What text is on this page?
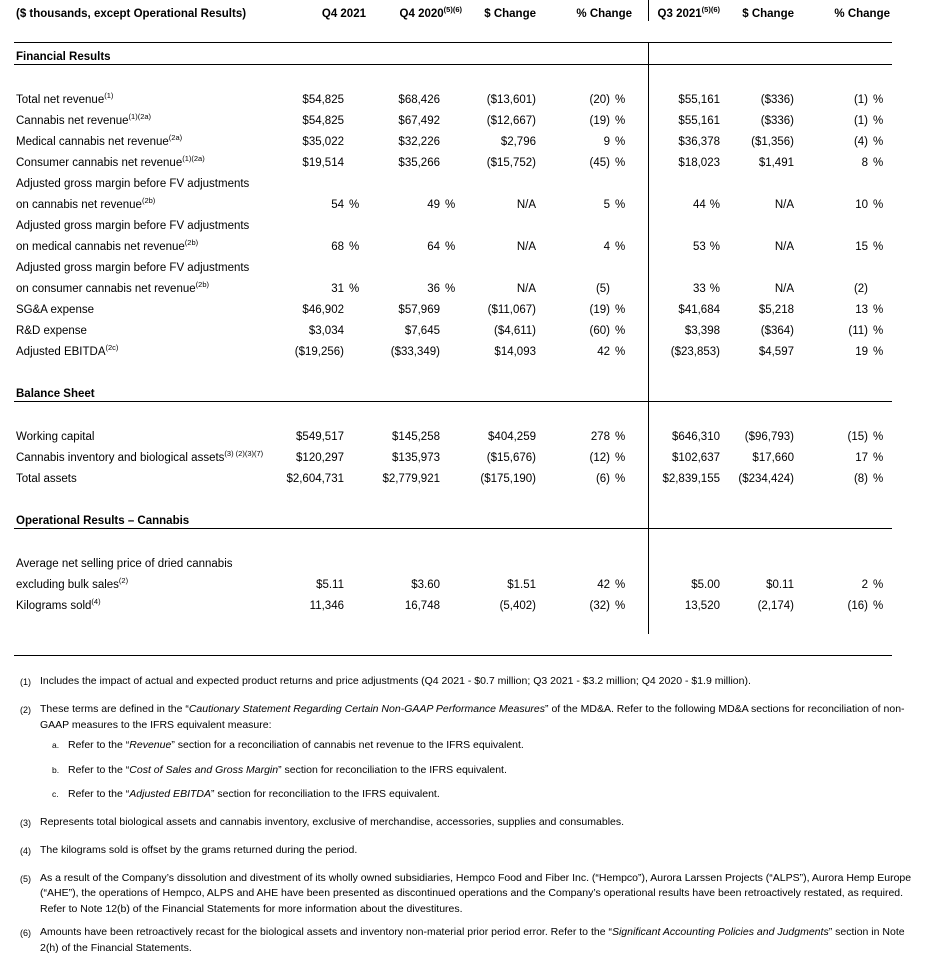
($ thousands, except Operational Results)	Q4 2021		Q4 $2020^{(5)(6)}$		$ Change	% Change			Q3 $2021^{(5)(6)}$	$ Change	% Change	

Financial Results												

Total net revenue$^{(1)}$	$54,825		$68,426		($13,601)	(20)	%		$55,161	($336)	(1)	%
Cannabis net revenue$^{(1)(2a)}$	$54,825		$67,492		($12,667)	(19)	%		$55,161	($336)	(1)	%
Medical cannabis net revenue$^{(2a)}$	$35,022		$32,226		$2,796	9	%		$36,378	($1,356)	(4)	%
Consumer cannabis net revenue$^{(1)(2a)}$	$19,514		$35,266		($15,752)	(45)	%		$18,023	$1,491	8	%
Adjusted gross margin before FV adjustments												
on cannabis net revenue$^{(2b)}$	54	%	49	%	N/A	5	%		44 %	N/A	10	%
Adjusted gross margin before FV adjustments												
on medical cannabis net revenue$^{(2b)}$	68	%	64	%	N/A	4	%		53 %	N/A	15	%
Adjusted gross margin before FV adjustments												
on consumer cannabis net revenue$^{(2b)}$	31	%	36	%	N/A	(5)			33 %	N/A	(2)	
SG&A expense	$46,902		$57,969		($11,067)	(19)	%		$41,684	$5,218	13	%
R&D expense	$3,034		$7,645		($4,611)	(60)	%		$3,398	($364)	(11)	%
Adjusted $EBITDA^{(2c)}$	($19,256)		($33,349)		$14,093	42	%		($23,853)	$4,597	19	%

Balance Sheet												

Working capital	$549,517		$145,258		$404,259	278	%		$646,310	($96,793)	(15)	%
Cannabis inventory and biological assets$^{(3) (2)(3)(7)}$	$120,297		$135,973		($15,676)	(12)	%		$102,637	$17,660	17	%
Total assets	$2,604,731		$2,779,921		($175,190)	(6)	%		$2,839,155	($234,424)	(8)	%

Operational Results – Cannabis												

Average net selling price of dried cannabis												
excluding bulk sales$^{(2)}$	$5.11		$3.60		$1.51	42	%		$5.00	$0.11	2	%
Kilograms sold$^{(4)}$	11,346		16,748		(5,402)	(32)	%		13,520	(2,174)	(16)	%

$^{(1)}$ Includes the impact of actual and expected product returns and price adjustments (Q4 2021 - $0.7 million; Q3 2021 - $3.2 million; Q4 2020 - $1.9 million).
$^{(2)}$ These terms are defined in the “Cautionary Statement Regarding Certain Non-GAAP Performance Measures” of the MD&A. Refer to the following MD&A sections for reconciliation of non-GAAP measures to the IFRS equivalent measure:
$^{a.}$ Refer to the “Revenue” section for a reconciliation of cannabis net revenue to the IFRS equivalent.
$^{b.}$ Refer to the “Cost of Sales and Gross Margin” section for reconciliation to the IFRS equivalent.
$^{c.}$ Refer to the “Adjusted EBITDA” section for reconciliation to the IFRS equivalent.
$^{(3)}$ Represents total biological assets and cannabis inventory, exclusive of merchandise, accessories, supplies and consumables.
$^{(4)}$ The kilograms sold is offset by the grams returned during the period.
$^{(5)}$ As a result of the Company’s dissolution and divestment of its wholly owned subsidiaries, Hempco Food and Fiber Inc. (“Hempco”), Aurora Larssen Projects (“ALPS”), Aurora Hemp Europe (“AHE”), the operations of Hempco, ALPS and AHE have been presented as discontinued operations and the Company’s operational results have been retroactively restated, as required. Refer to Note 12(b) of the Financial Statements for more information about the divestitures.
$^{(6)}$ Amounts have been retroactively recast for the biological assets and inventory non-material prior period error. Refer to the “Significant Accounting Policies and Judgments” section in Note 2(h) of the Financial Statements.
